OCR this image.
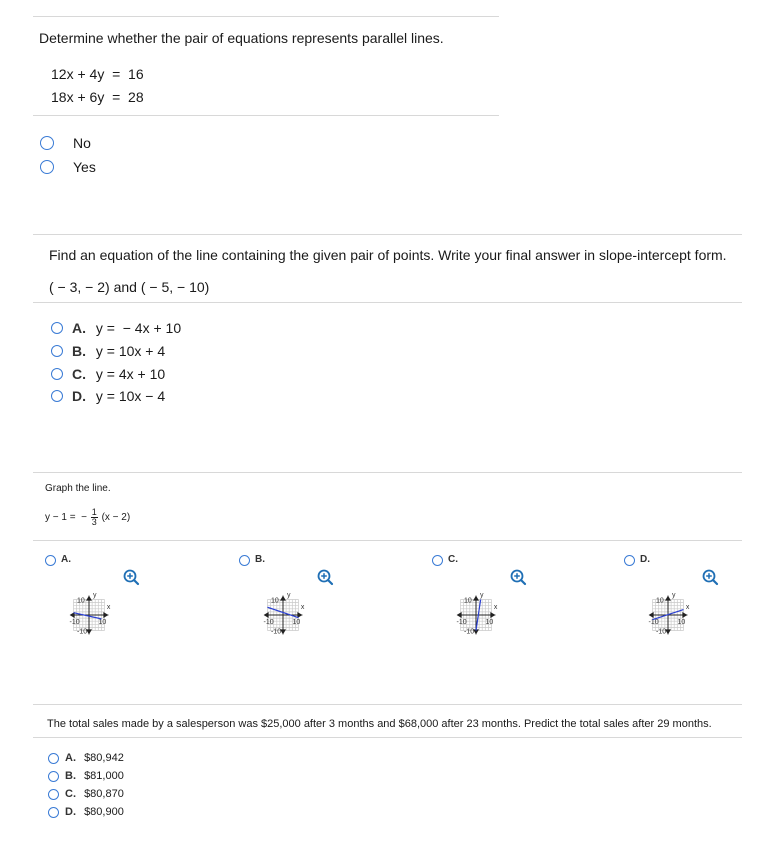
Determine whether the pair of equations represents parallel lines.
12x + 4y  =  16
18x + 6y  =  28
No
Yes
Find an equation of the line containing the given pair of points. Write your final answer in slope-intercept form.
( − 3, − 2) and ( − 5, − 10)
A. y =  − 4x + 10
B. y = 10x + 4
C. y = 4x + 10
D. y = 10x − 4
Graph the line.
y − 1 =  − $\frac{1}{3} (x - 2)$
A.
10
-10
-10	10
x
y
B.
10
-10
-10	10
x
y
C.
10
-10
-10	10
x
y
D.
10
-10
-10	10
x
y
The total sales made by a salesperson was $25,000 after 3 months and $68,000 after 23 months. Predict the total sales after 29 months.
A. $80,942
B. $81,000
C. $80,870
D. $80,900
